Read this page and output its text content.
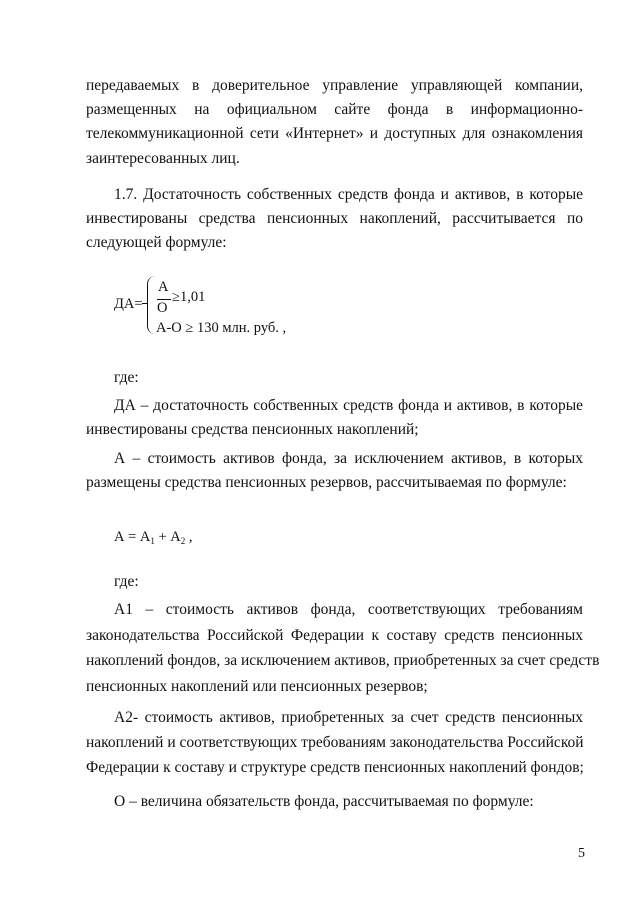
передаваемых в доверительное управление управляющей компании,
размещенных на официальном сайте фонда в информационно-
телекоммуникационной сети «Интернет» и доступных для ознакомления
заинтересованных лиц.

1.7. Достаточность собственных средств фонда и активов, в которые
инвестированы средства пенсионных накоплений, рассчитывается по
следующей формуле:

ДА=
А
О
≥1,01
А-О ≥ 130 млн. руб. ,
где:

ДА – достаточность собственных средств фонда и активов, в которые
инвестированы средства пенсионных накоплений;

А – стоимость активов фонда, за исключением активов, в которых
размещены средства пенсионных резервов, рассчитываемая по формуле:

$А = А_1 + А_2$ ,
где:

А1 – стоимость активов фонда, соответствующих требованиям
законодательства Российской Федерации к составу средств пенсионных
накоплений фондов, за исключением активов, приобретенных за счет средств
пенсионных накоплений или пенсионных резервов;

А2- стоимость активов, приобретенных за счет средств пенсионных
накоплений и соответствующих требованиям законодательства Российской
Федерации к составу и структуре средств пенсионных накоплений фондов;

О – величина обязательств фонда, рассчитываемая по формуле:

5
